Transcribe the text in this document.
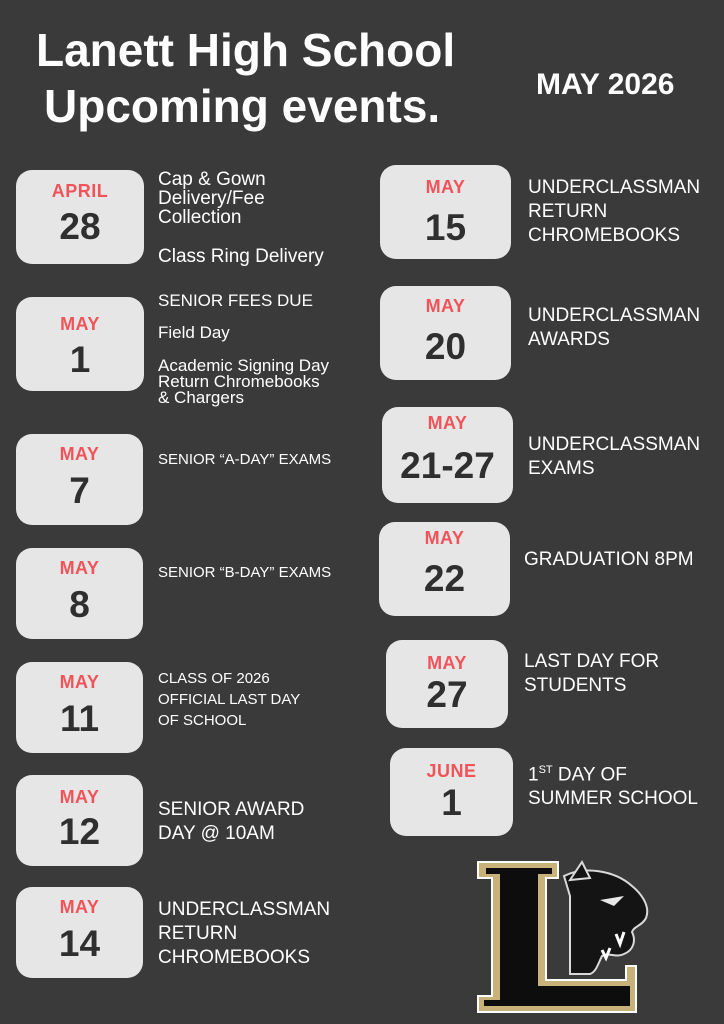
Lanett High School
Upcoming events.	MAY 2026
APRIL
28
Cap & Gown
Delivery/Fee
Collection
Class Ring Delivery
MAY
1
SENIOR FEES DUE
Field Day
Academic Signing Day
Return Chromebooks
& Chargers
MAY
7
SENIOR “A-DAY” EXAMS
MAY
8
SENIOR “B-DAY” EXAMS
MAY
11
CLASS OF 2026
OFFICIAL LAST DAY
OF SCHOOL
MAY
12
SENIOR AWARD
DAY @ 10AM
MAY
14
UNDERCLASSMAN
RETURN
CHROMEBOOKS
MAY
15
UNDERCLASSMAN
RETURN
CHROMEBOOKS
MAY
20
UNDERCLASSMAN
AWARDS
MAY
21-27
UNDERCLASSMAN
EXAMS
MAY
22	GRADUATION 8PM
MAY
27
LAST DAY FOR
STUDENTS
JUNE
1
1ST DAY OF
SUMMER SCHOOL
